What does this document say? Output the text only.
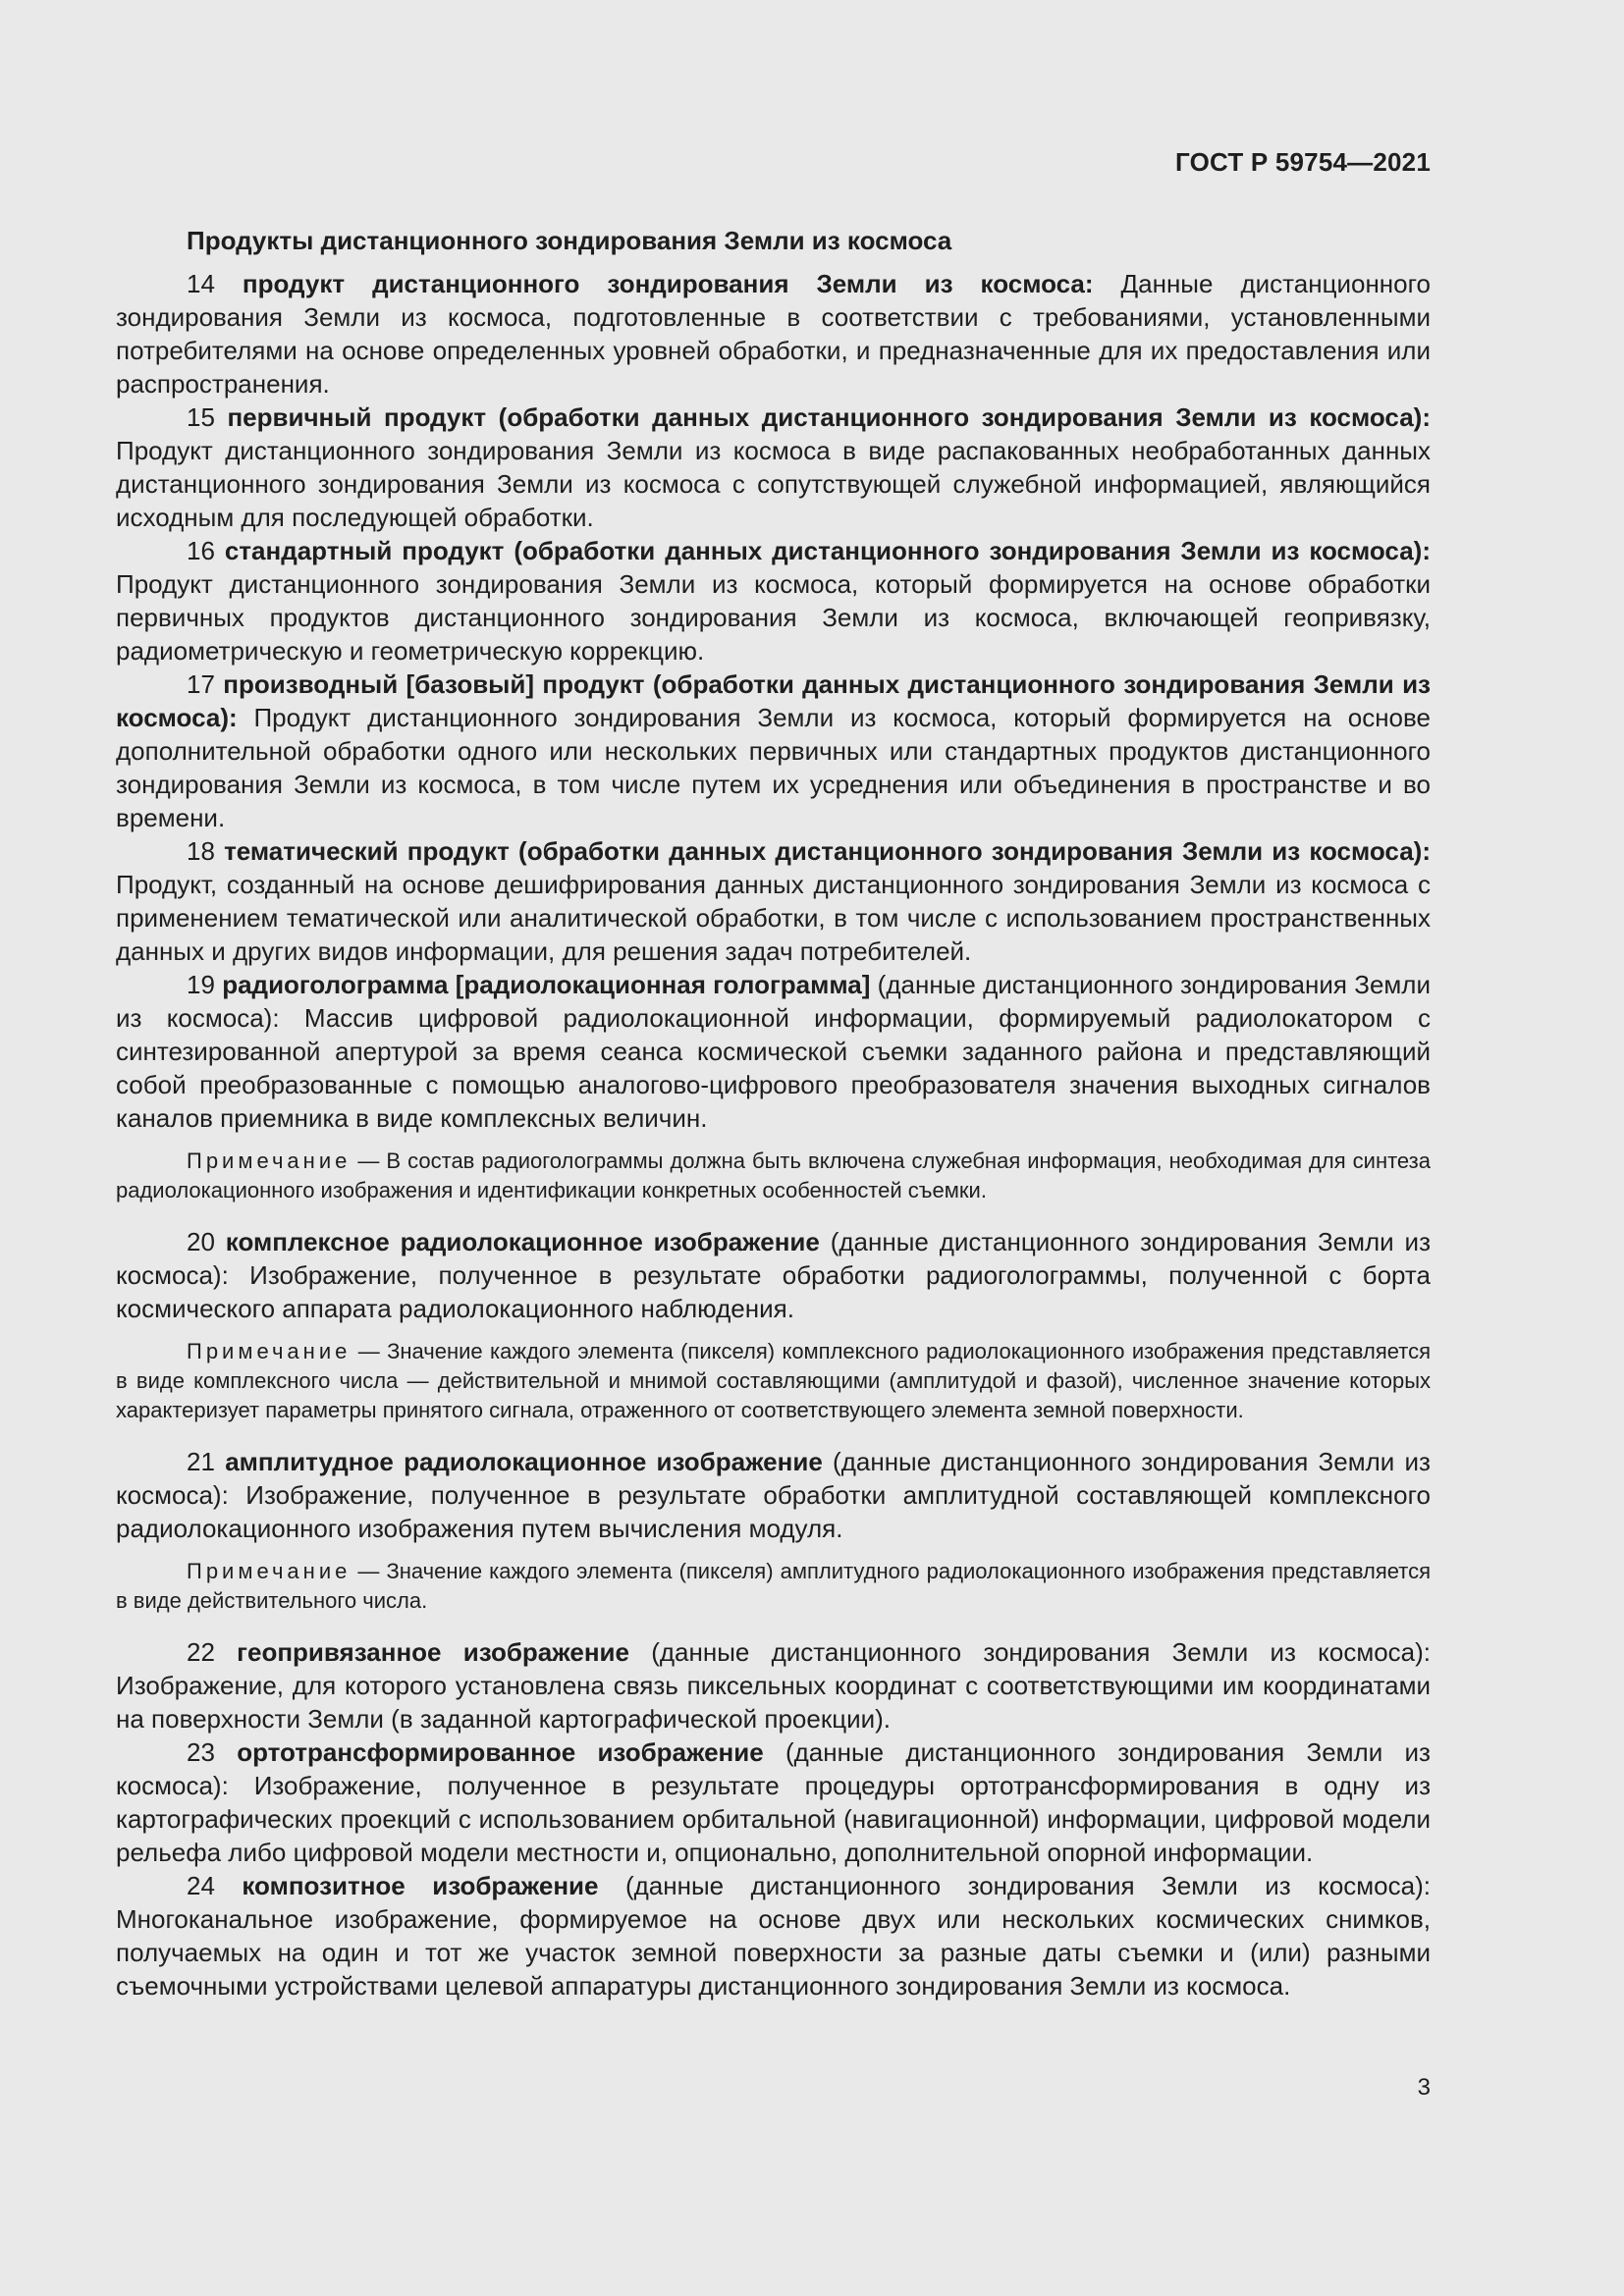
ГОСТ Р 59754—2021

Продукты дистанционного зондирования Земли из космоса

14 продукт дистанционного зондирования Земли из космоса: Данные дистанционного зондирования Земли из космоса, подготовленные в соответствии с требованиями, установленными потребителями на основе определенных уровней обработки, и предназначенные для их предоставления или распространения.

15 первичный продукт (обработки данных дистанционного зондирования Земли из космоса): Продукт дистанционного зондирования Земли из космоса в виде распакованных необработанных данных дистанционного зондирования Земли из космоса с сопутствующей служебной информацией, являющийся исходным для последующей обработки.

16 стандартный продукт (обработки данных дистанционного зондирования Земли из космоса): Продукт дистанционного зондирования Земли из космоса, который формируется на основе обработки первичных продуктов дистанционного зондирования Земли из космоса, включающей геопривязку, радиометрическую и геометрическую коррекцию.

17 производный [базовый] продукт (обработки данных дистанционного зондирования Земли из космоса): Продукт дистанционного зондирования Земли из космоса, который формируется на основе дополнительной обработки одного или нескольких первичных или стандартных продуктов дистанционного зондирования Земли из космоса, в том числе путем их усреднения или объединения в пространстве и во времени.

18 тематический продукт (обработки данных дистанционного зондирования Земли из космоса): Продукт, созданный на основе дешифрирования данных дистанционного зондирования Земли из космоса с применением тематической или аналитической обработки, в том числе с использованием пространственных данных и других видов информации, для решения задач потребителей.

19 радиоголограмма [радиолокационная голограмма] (данные дистанционного зондирования Земли из космоса): Массив цифровой радиолокационной информации, формируемый радиолокатором с синтезированной апертурой за время сеанса космической съемки заданного района и представляющий собой преобразованные с помощью аналогово-цифрового преобразователя значения выходных сигналов каналов приемника в виде комплексных величин.

Примечание — В состав радиоголограммы должна быть включена служебная информация, необходимая для синтеза радиолокационного изображения и идентификации конкретных особенностей съемки.

20 комплексное радиолокационное изображение (данные дистанционного зондирования Земли из космоса): Изображение, полученное в результате обработки радиоголограммы, полученной с борта космического аппарата радиолокационного наблюдения.

Примечание — Значение каждого элемента (пикселя) комплексного радиолокационного изображения представляется в виде комплексного числа — действительной и мнимой составляющими (амплитудой и фазой), численное значение которых характеризует параметры принятого сигнала, отраженного от соответствующего элемента земной поверхности.

21 амплитудное радиолокационное изображение (данные дистанционного зондирования Земли из космоса): Изображение, полученное в результате обработки амплитудной составляющей комплексного радиолокационного изображения путем вычисления модуля.

Примечание — Значение каждого элемента (пикселя) амплитудного радиолокационного изображения представляется в виде действительного числа.

22 геопривязанное изображение (данные дистанционного зондирования Земли из космоса): Изображение, для которого установлена связь пиксельных координат с соответствующими им координатами на поверхности Земли (в заданной картографической проекции).

23 ортотрансформированное изображение (данные дистанционного зондирования Земли из космоса): Изображение, полученное в результате процедуры ортотрансформирования в одну из картографических проекций с использованием орбитальной (навигационной) информации, цифровой модели рельефа либо цифровой модели местности и, опционально, дополнительной опорной информации.

24 композитное изображение (данные дистанционного зондирования Земли из космоса): Многоканальное изображение, формируемое на основе двух или нескольких космических снимков, получаемых на один и тот же участок земной поверхности за разные даты съемки и (или) разными съемочными устройствами целевой аппаратуры дистанционного зондирования Земли из космоса.

3
